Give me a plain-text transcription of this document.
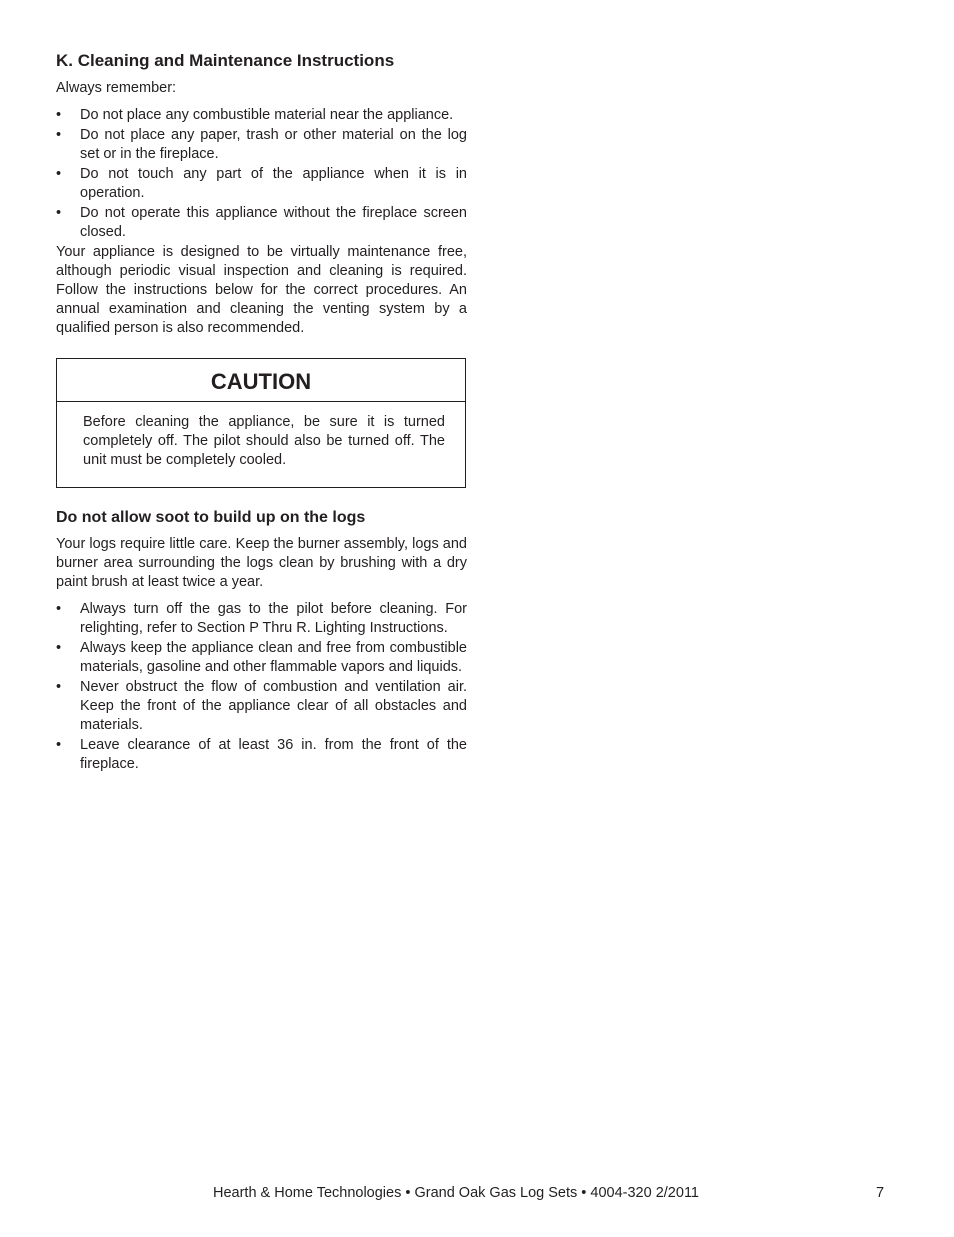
K. Cleaning and Maintenance Instructions

Always remember:

• Do not place any combustible material near the appliance.
• Do not place any paper, trash or other material on the log set or in the fireplace.
• Do not touch any part of the appliance when it is in operation.
• Do not operate this appliance without the fireplace screen closed.

Your appliance is designed to be virtually maintenance free, although periodic visual inspection and cleaning is required. Follow the instructions below for the correct procedures. An annual examination and cleaning the venting system by a qualified person is also recommended.

CAUTION

Before cleaning the appliance, be sure it is turned completely off. The pilot should also be turned off. The unit must be completely cooled.

Do not allow soot to build up on the logs

Your logs require little care. Keep the burner assembly, logs and burner area surrounding the logs clean by brushing with a dry paint brush at least twice a year.

• Always turn off the gas to the pilot before cleaning. For relighting, refer to Section P Thru R. Lighting Instructions.
• Always keep the appliance clean and free from combustible materials, gasoline and other flammable vapors and liquids.
• Never obstruct the flow of combustion and ventilation air. Keep the front of the appliance clear of all obstacles and materials.
• Leave clearance of at least 36 in. from the front of the fireplace.
Hearth & Home Technologies • Grand Oak Gas Log Sets • 4004-320 2/2011	7
